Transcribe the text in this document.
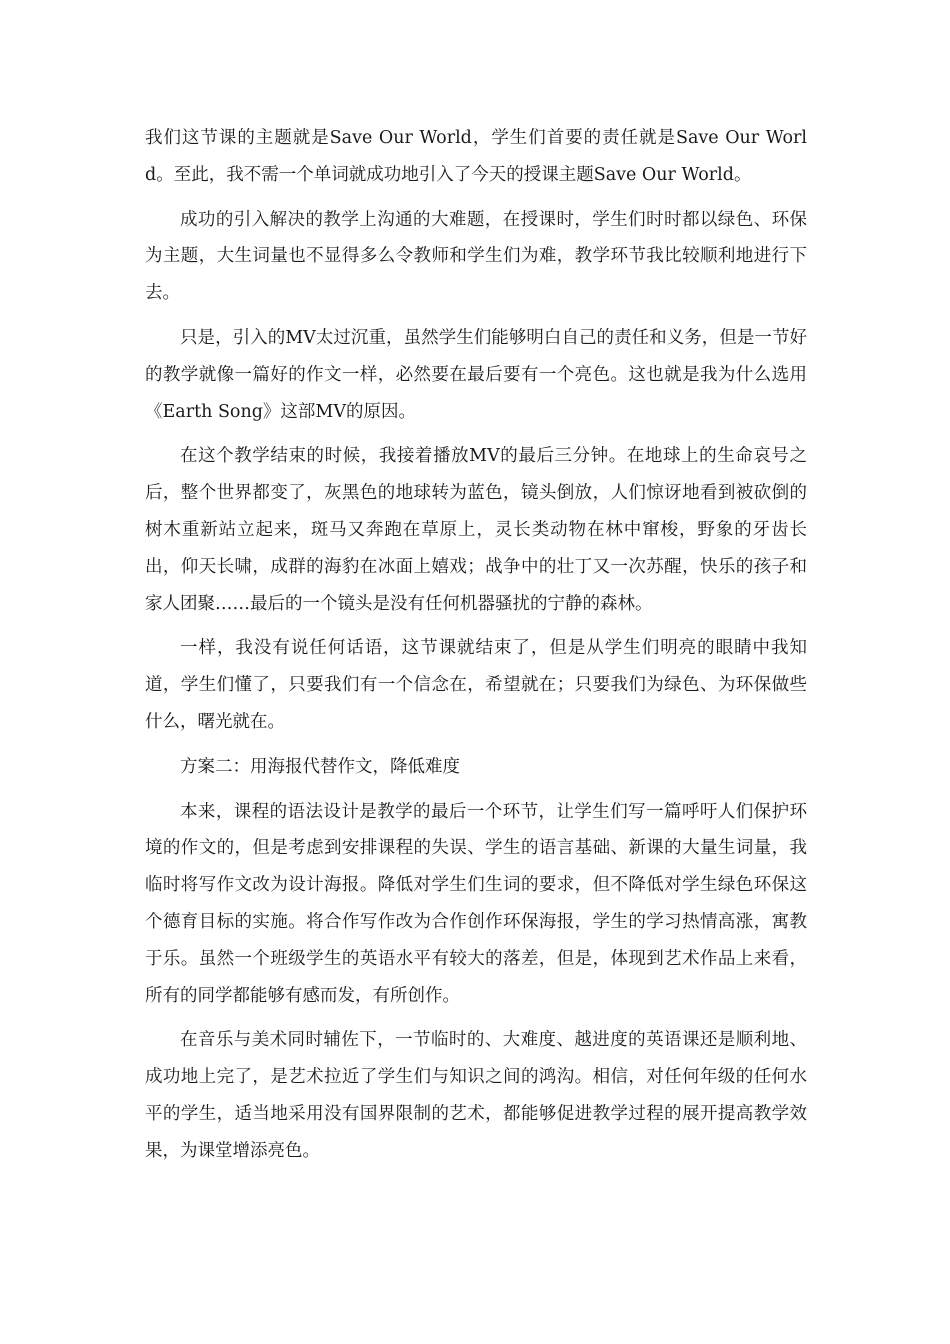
我们这节课的主题就是Save Our World，学生们首要的责任就是Save Our World。至此，我不需一个单词就成功地引入了今天的授课主题Save Our World。

成功的引入解决的教学上沟通的大难题，在授课时，学生们时时都以绿色、环保为主题，大生词量也不显得多么令教师和学生们为难，教学环节我比较顺利地进行下去。

只是，引入的MV太过沉重，虽然学生们能够明白自己的责任和义务，但是一节好的教学就像一篇好的作文一样，必然要在最后要有一个亮色。这也就是我为什么选用《Earth Song》这部MV的原因。

在这个教学结束的时候，我接着播放MV的最后三分钟。在地球上的生命哀号之后，整个世界都变了，灰黑色的地球转为蓝色，镜头倒放，人们惊讶地看到被砍倒的树木重新站立起来，斑马又奔跑在草原上，灵长类动物在林中窜梭，野象的牙齿长出，仰天长啸，成群的海豹在冰面上嬉戏；战争中的壮丁又一次苏醒，快乐的孩子和家人团聚……最后的一个镜头是没有任何机器骚扰的宁静的森林。

一样，我没有说任何话语，这节课就结束了，但是从学生们明亮的眼睛中我知道，学生们懂了，只要我们有一个信念在，希望就在；只要我们为绿色、为环保做些什么，曙光就在。

方案二：用海报代替作文，降低难度

本来，课程的语法设计是教学的最后一个环节，让学生们写一篇呼吁人们保护环境的作文的，但是考虑到安排课程的失误、学生的语言基础、新课的大量生词量，我临时将写作文改为设计海报。降低对学生们生词的要求，但不降低对学生绿色环保这个德育目标的实施。将合作写作改为合作创作环保海报，学生的学习热情高涨，寓教于乐。虽然一个班级学生的英语水平有较大的落差，但是，体现到艺术作品上来看，所有的同学都能够有感而发，有所创作。

在音乐与美术同时辅佐下，一节临时的、大难度、越进度的英语课还是顺利地、成功地上完了，是艺术拉近了学生们与知识之间的鸿沟。相信，对任何年级的任何水平的学生，适当地采用没有国界限制的艺术，都能够促进教学过程的展开提高教学效果，为课堂增添亮色。
